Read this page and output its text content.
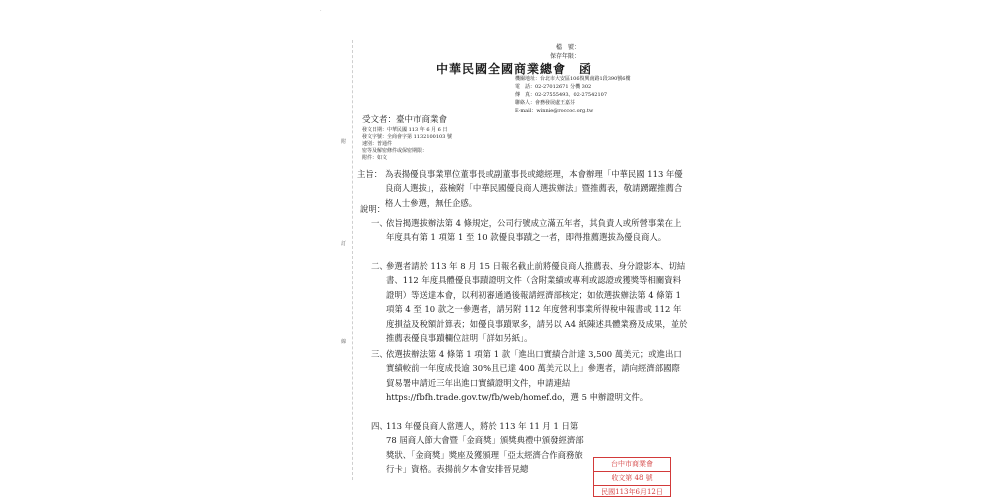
·
檔　號：
保存年限：
中華民國全國商業總會　函
機關地址：台北市大安區106復興南路1段390號6樓
電　話：02-27012671 分機 302
傳　真：02-27555493、02-27542107
聯絡人：會務發展處王嘉芬
E-mail：winnie@roccoc.org.tw
受文者：臺中市商業會
發文日期：中華民國 113 年 6 月 6 日
發文字號：全商會字第 1132100103 號
速別：普通件
密等及解密條件或保密期限：
附件：如文
附
訂
線
主旨： 為表揚優良事業單位董事長或副董事長或總經理，本會辦理「中華民國 113 年優良商人選拔」，茲檢附「中華民國優良商人選拔辦法」暨推薦表，敬請踴躍推薦合格人士參選，無任企感。
說明：
一、
依旨揭選拔辦法第 4 條規定，公司行號成立滿五年者，其負責人或所營事業在上年度具有第 1 項第 1 至 10 款優良事蹟之一者，即得推薦選拔為優良商人。
二、
參選者請於 113 年 8 月 15 日報名截止前將優良商人推薦表、身分證影本、切結書、112 年度具體優良事蹟證明文件（含附業績或專利或認證或獲獎等相關資料證明）等送達本會，以利初審通過後報請經濟部核定；如依選拔辦法第 4 條第 1 項第 4 至 10 款之一參選者，請另附 112 年度營利事業所得稅申報書或 112 年度損益及稅額計算表；如優良事蹟眾多，請另以 A4 紙陳述具體業務及成果，並於推薦表優良事蹟欄位註明「詳如另紙」。
三、
依選拔辦法第 4 條第 1 項第 1 款「進出口實績合計達 3,500 萬美元；或進出口實績較前一年度成長逾 30%且已達 400 萬美元以上」參選者，請向經濟部國際貿易署申請近三年出進口實績證明文件，申請連結 https://fbfh.trade.gov.tw/fb/web/homef.do，選 5 申辦證明文件。
四、
113 年優良商人當選人，將於 113 年 11 月 1 日第 78 屆商人節大會暨「金商獎」頒獎典禮中頒發經濟部獎狀、「金商獎」獎座及獲頒理「亞太經濟合作商務旅行卡」資格。表揚前夕本會安排晉見總
台中市商業會
收文第 48 號
民國113年6月12日
